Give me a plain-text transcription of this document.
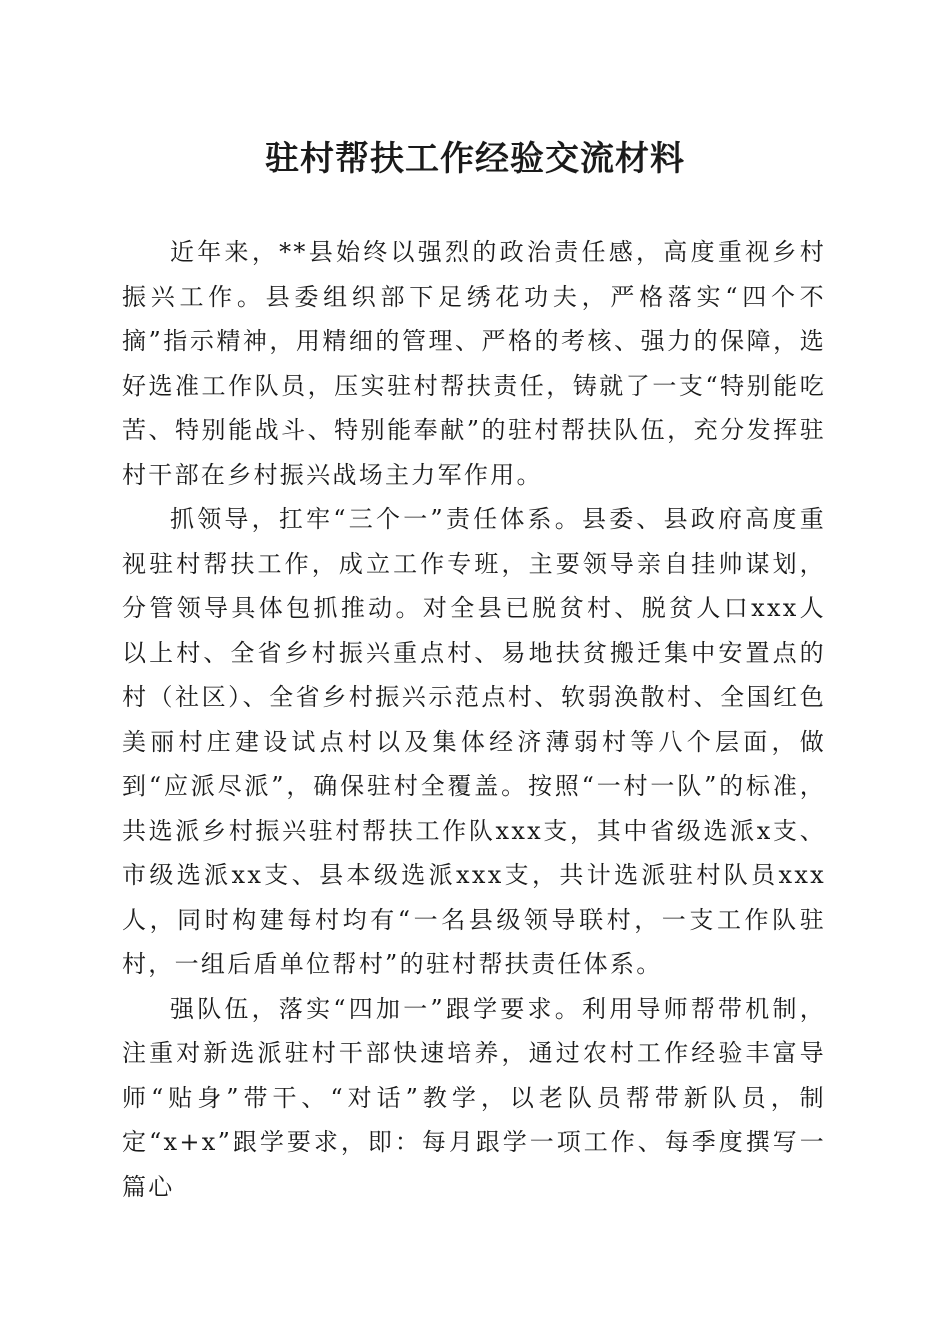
驻村帮扶工作经验交流材料

近年来，**县始终以强烈的政治责任感，高度重视乡村振兴工作。县委组织部下足绣花功夫，严格落实“四个不摘”指示精神，用精细的管理、严格的考核、强力的保障，选好选准工作队员，压实驻村帮扶责任，铸就了一支“特别能吃苦、特别能战斗、特别能奉献”的驻村帮扶队伍，充分发挥驻村干部在乡村振兴战场主力军作用。

抓领导，扛牢“三个一”责任体系。县委、县政府高度重视驻村帮扶工作，成立工作专班，主要领导亲自挂帅谋划，分管领导具体包抓推动。对全县已脱贫村、脱贫人口xxx人以上村、全省乡村振兴重点村、易地扶贫搬迁集中安置点的村（社区）、全省乡村振兴示范点村、软弱涣散村、全国红色美丽村庄建设试点村以及集体经济薄弱村等八个层面，做到“应派尽派”，确保驻村全覆盖。按照“一村一队”的标准，共选派乡村振兴驻村帮扶工作队xxx支，其中省级选派x支、市级选派xx支、县本级选派xxx支，共计选派驻村队员xxx人，同时构建每村均有“一名县级领导联村，一支工作队驻村，一组后盾单位帮村”的驻村帮扶责任体系。

强队伍，落实“四加一”跟学要求。利用导师帮带机制，注重对新选派驻村干部快速培养，通过农村工作经验丰富导师“贴身”带干、“对话”教学，以老队员帮带新队员，制定“x+x”跟学要求，即：每月跟学一项工作、每季度撰写一篇心
